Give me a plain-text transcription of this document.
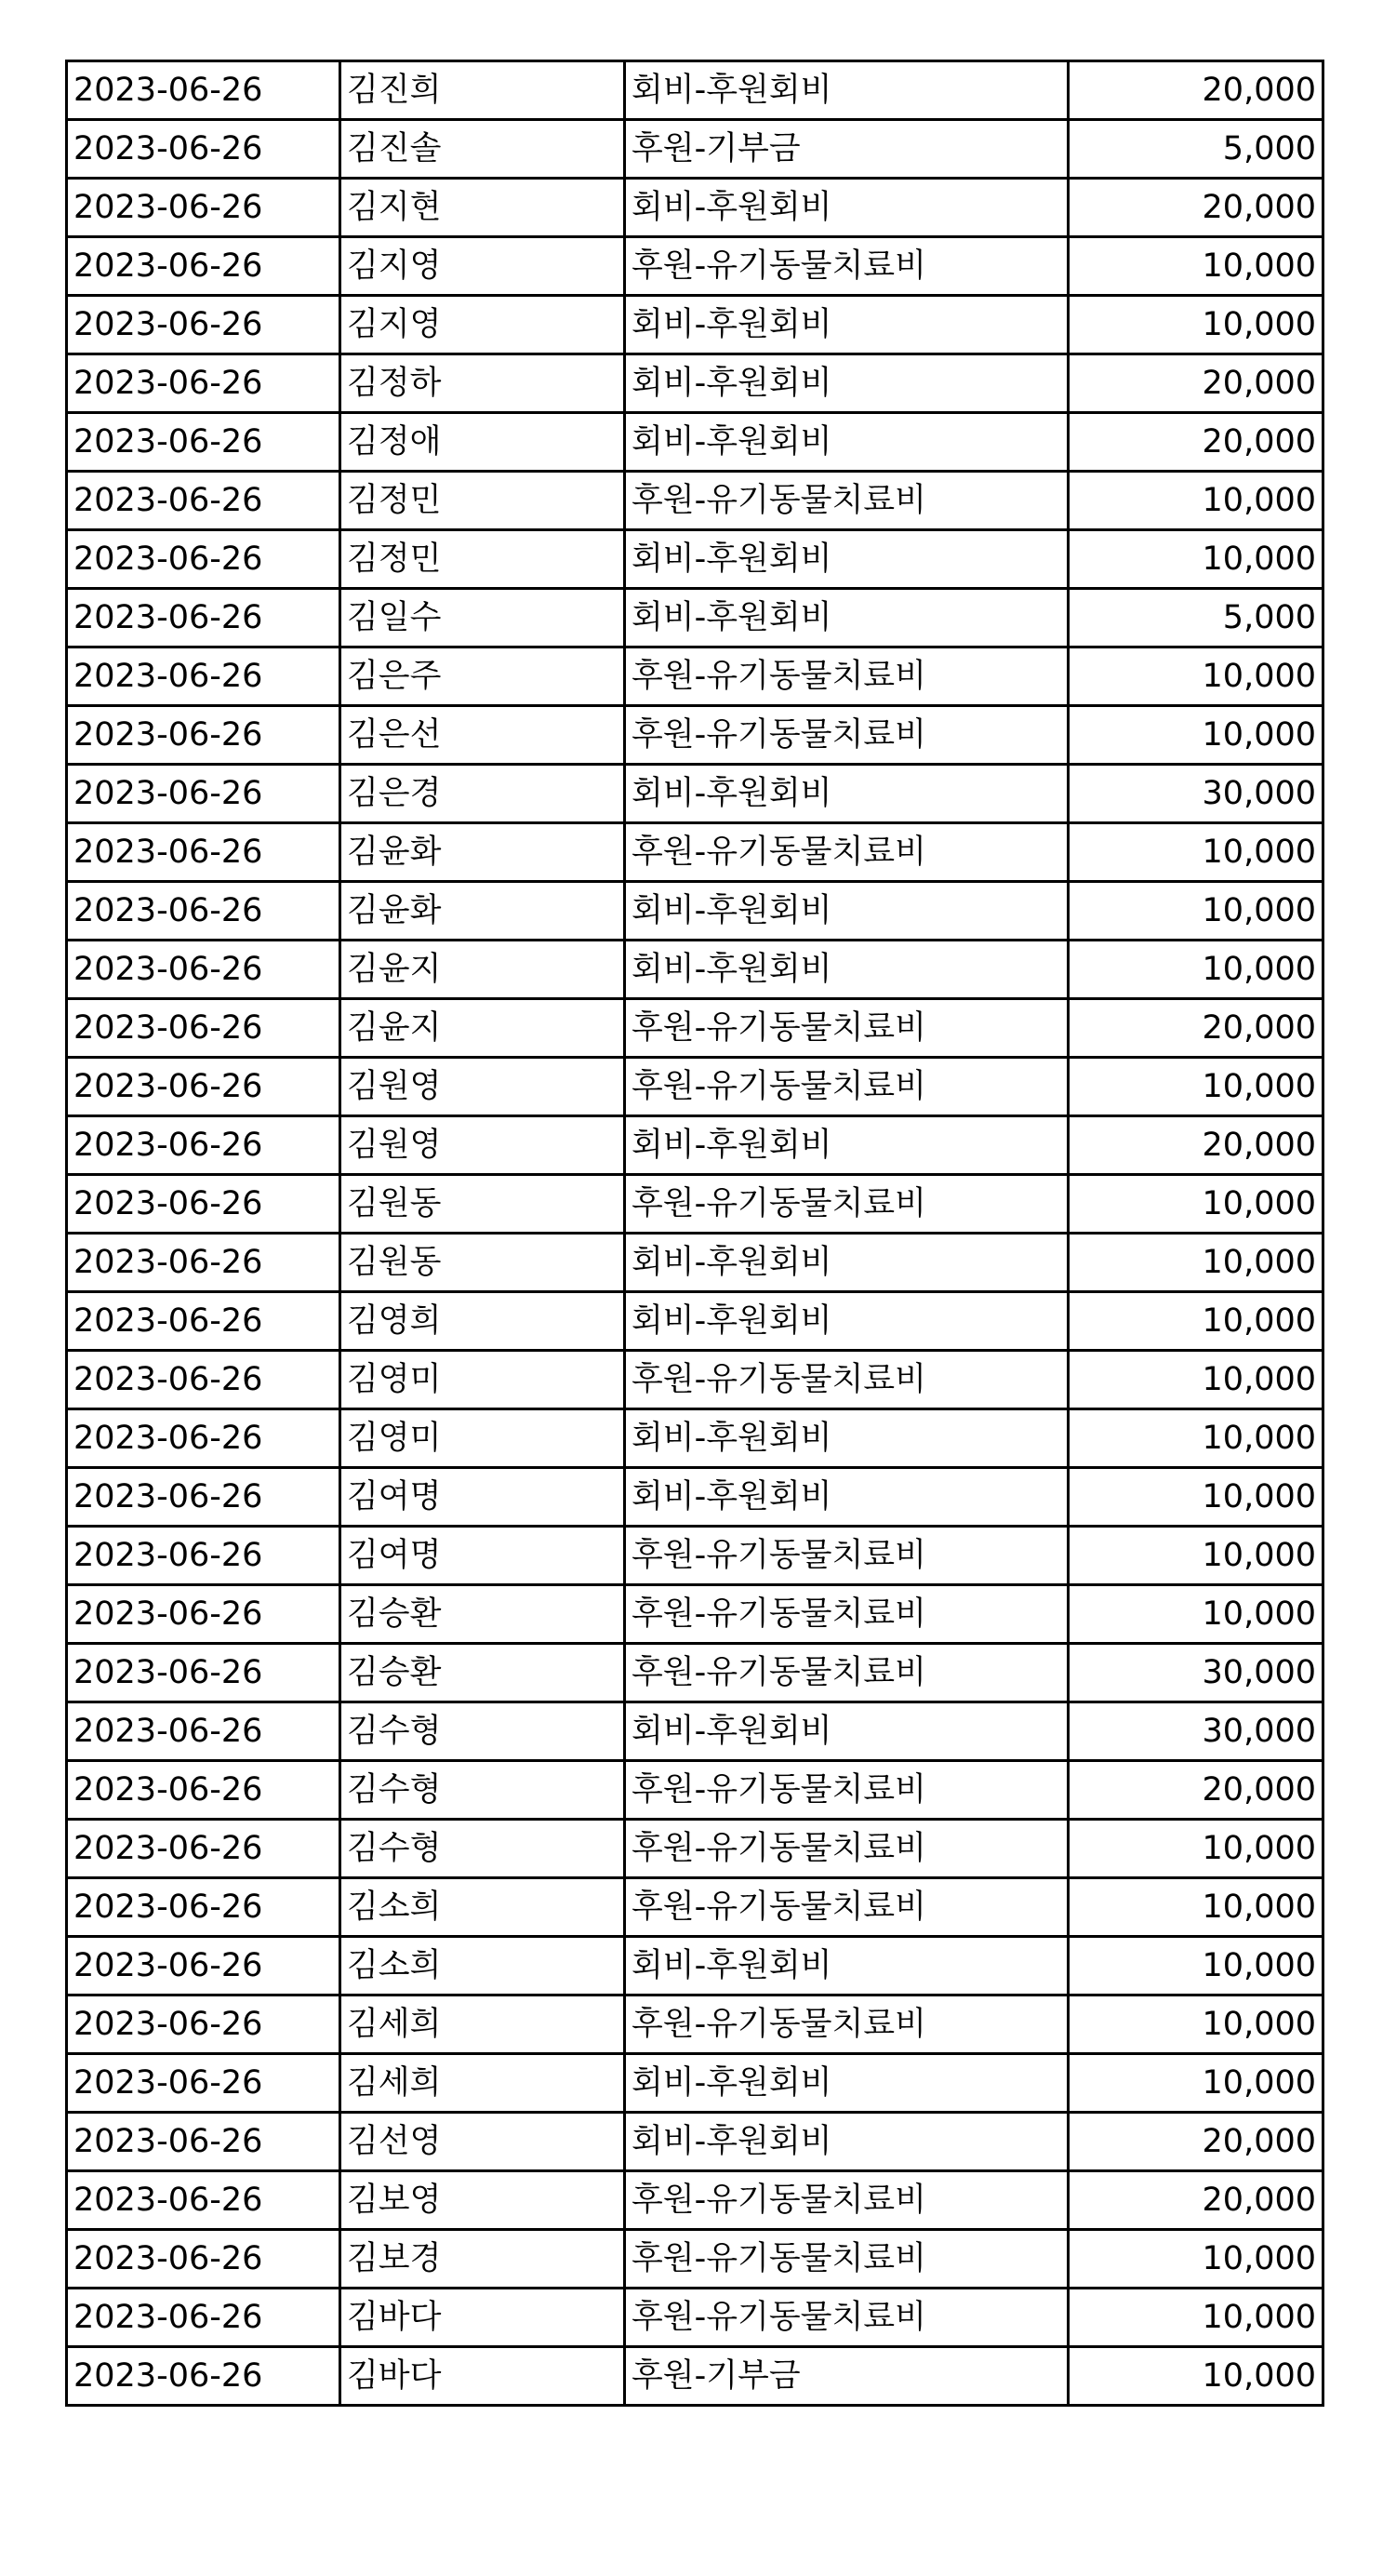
2023-06-26	김진희	회비-후원회비	20,000
2023-06-26	김진솔	후원-기부금	5,000
2023-06-26	김지현	회비-후원회비	20,000
2023-06-26	김지영	후원-유기동물치료비	10,000
2023-06-26	김지영	회비-후원회비	10,000
2023-06-26	김정하	회비-후원회비	20,000
2023-06-26	김정애	회비-후원회비	20,000
2023-06-26	김정민	후원-유기동물치료비	10,000
2023-06-26	김정민	회비-후원회비	10,000
2023-06-26	김일수	회비-후원회비	5,000
2023-06-26	김은주	후원-유기동물치료비	10,000
2023-06-26	김은선	후원-유기동물치료비	10,000
2023-06-26	김은경	회비-후원회비	30,000
2023-06-26	김윤화	후원-유기동물치료비	10,000
2023-06-26	김윤화	회비-후원회비	10,000
2023-06-26	김윤지	회비-후원회비	10,000
2023-06-26	김윤지	후원-유기동물치료비	20,000
2023-06-26	김원영	후원-유기동물치료비	10,000
2023-06-26	김원영	회비-후원회비	20,000
2023-06-26	김원동	후원-유기동물치료비	10,000
2023-06-26	김원동	회비-후원회비	10,000
2023-06-26	김영희	회비-후원회비	10,000
2023-06-26	김영미	후원-유기동물치료비	10,000
2023-06-26	김영미	회비-후원회비	10,000
2023-06-26	김여명	회비-후원회비	10,000
2023-06-26	김여명	후원-유기동물치료비	10,000
2023-06-26	김승환	후원-유기동물치료비	10,000
2023-06-26	김승환	후원-유기동물치료비	30,000
2023-06-26	김수형	회비-후원회비	30,000
2023-06-26	김수형	후원-유기동물치료비	20,000
2023-06-26	김수형	후원-유기동물치료비	10,000
2023-06-26	김소희	후원-유기동물치료비	10,000
2023-06-26	김소희	회비-후원회비	10,000
2023-06-26	김세희	후원-유기동물치료비	10,000
2023-06-26	김세희	회비-후원회비	10,000
2023-06-26	김선영	회비-후원회비	20,000
2023-06-26	김보영	후원-유기동물치료비	20,000
2023-06-26	김보경	후원-유기동물치료비	10,000
2023-06-26	김바다	후원-유기동물치료비	10,000
2023-06-26	김바다	후원-기부금	10,000
